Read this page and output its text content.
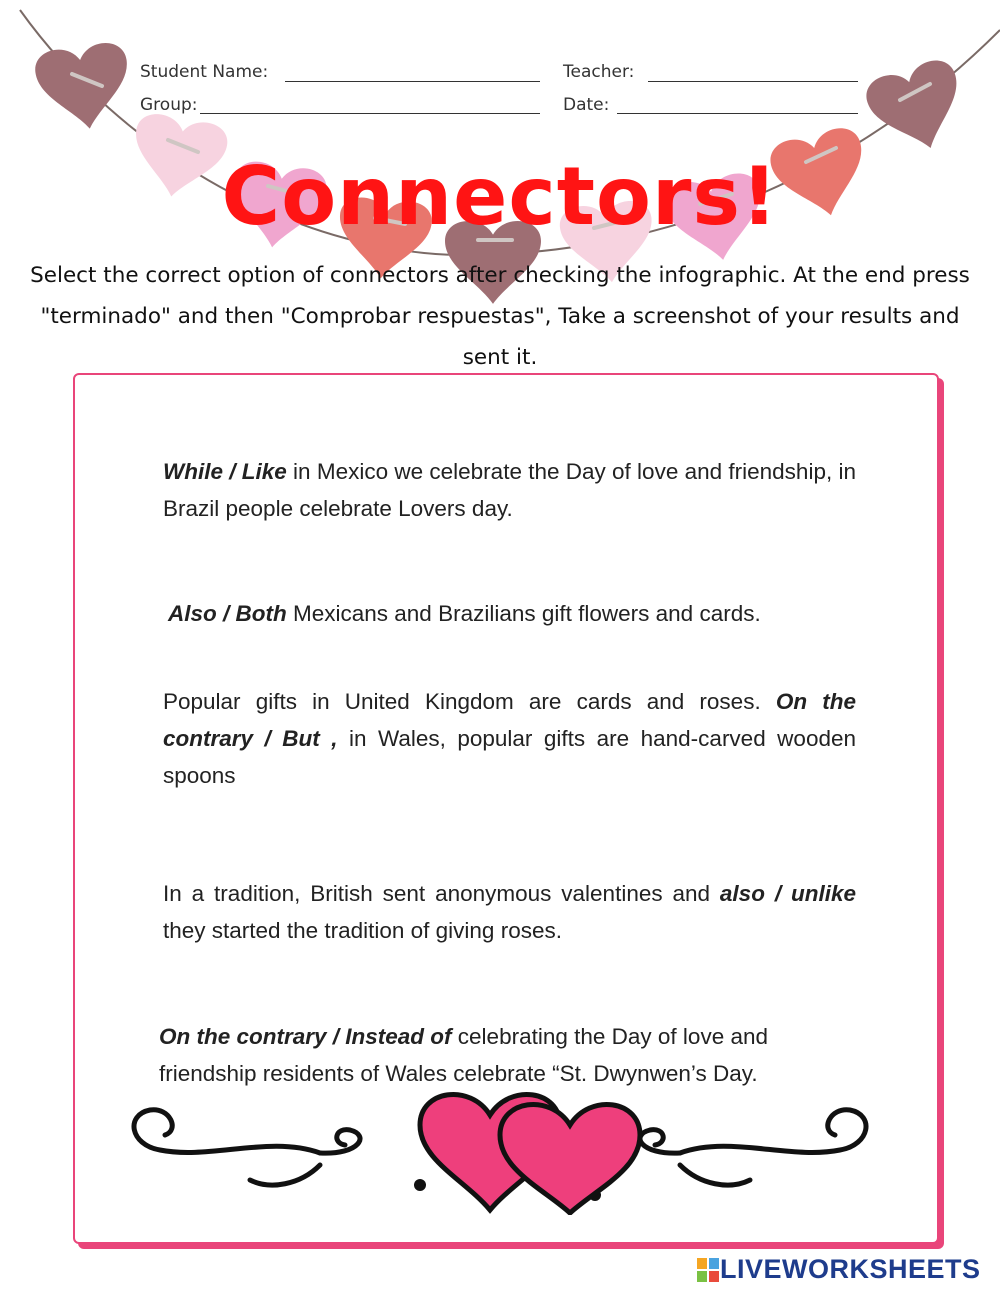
Student Name:	Teacher:
Group:	Date:
Connectors!
Select the correct option of connectors after checking the infographic. At the end press "terminado" and then "Comprobar respuestas", Take a screenshot of your results and sent it.
While / Like in Mexico we celebrate the Day of love and friendship, in Brazil people celebrate Lovers day.
Also / Both Mexicans and Brazilians gift flowers and cards.
Popular gifts in United Kingdom are cards and roses. On the contrary / But , in Wales, popular gifts are hand-carved wooden spoons
In a tradition, British sent anonymous valentines and also / unlike they started the tradition of giving roses.
On the contrary / Instead of celebrating the Day of love and friendship residents of Wales celebrate “St. Dwynwen’s Day.
LIVEWORKSHEETS
